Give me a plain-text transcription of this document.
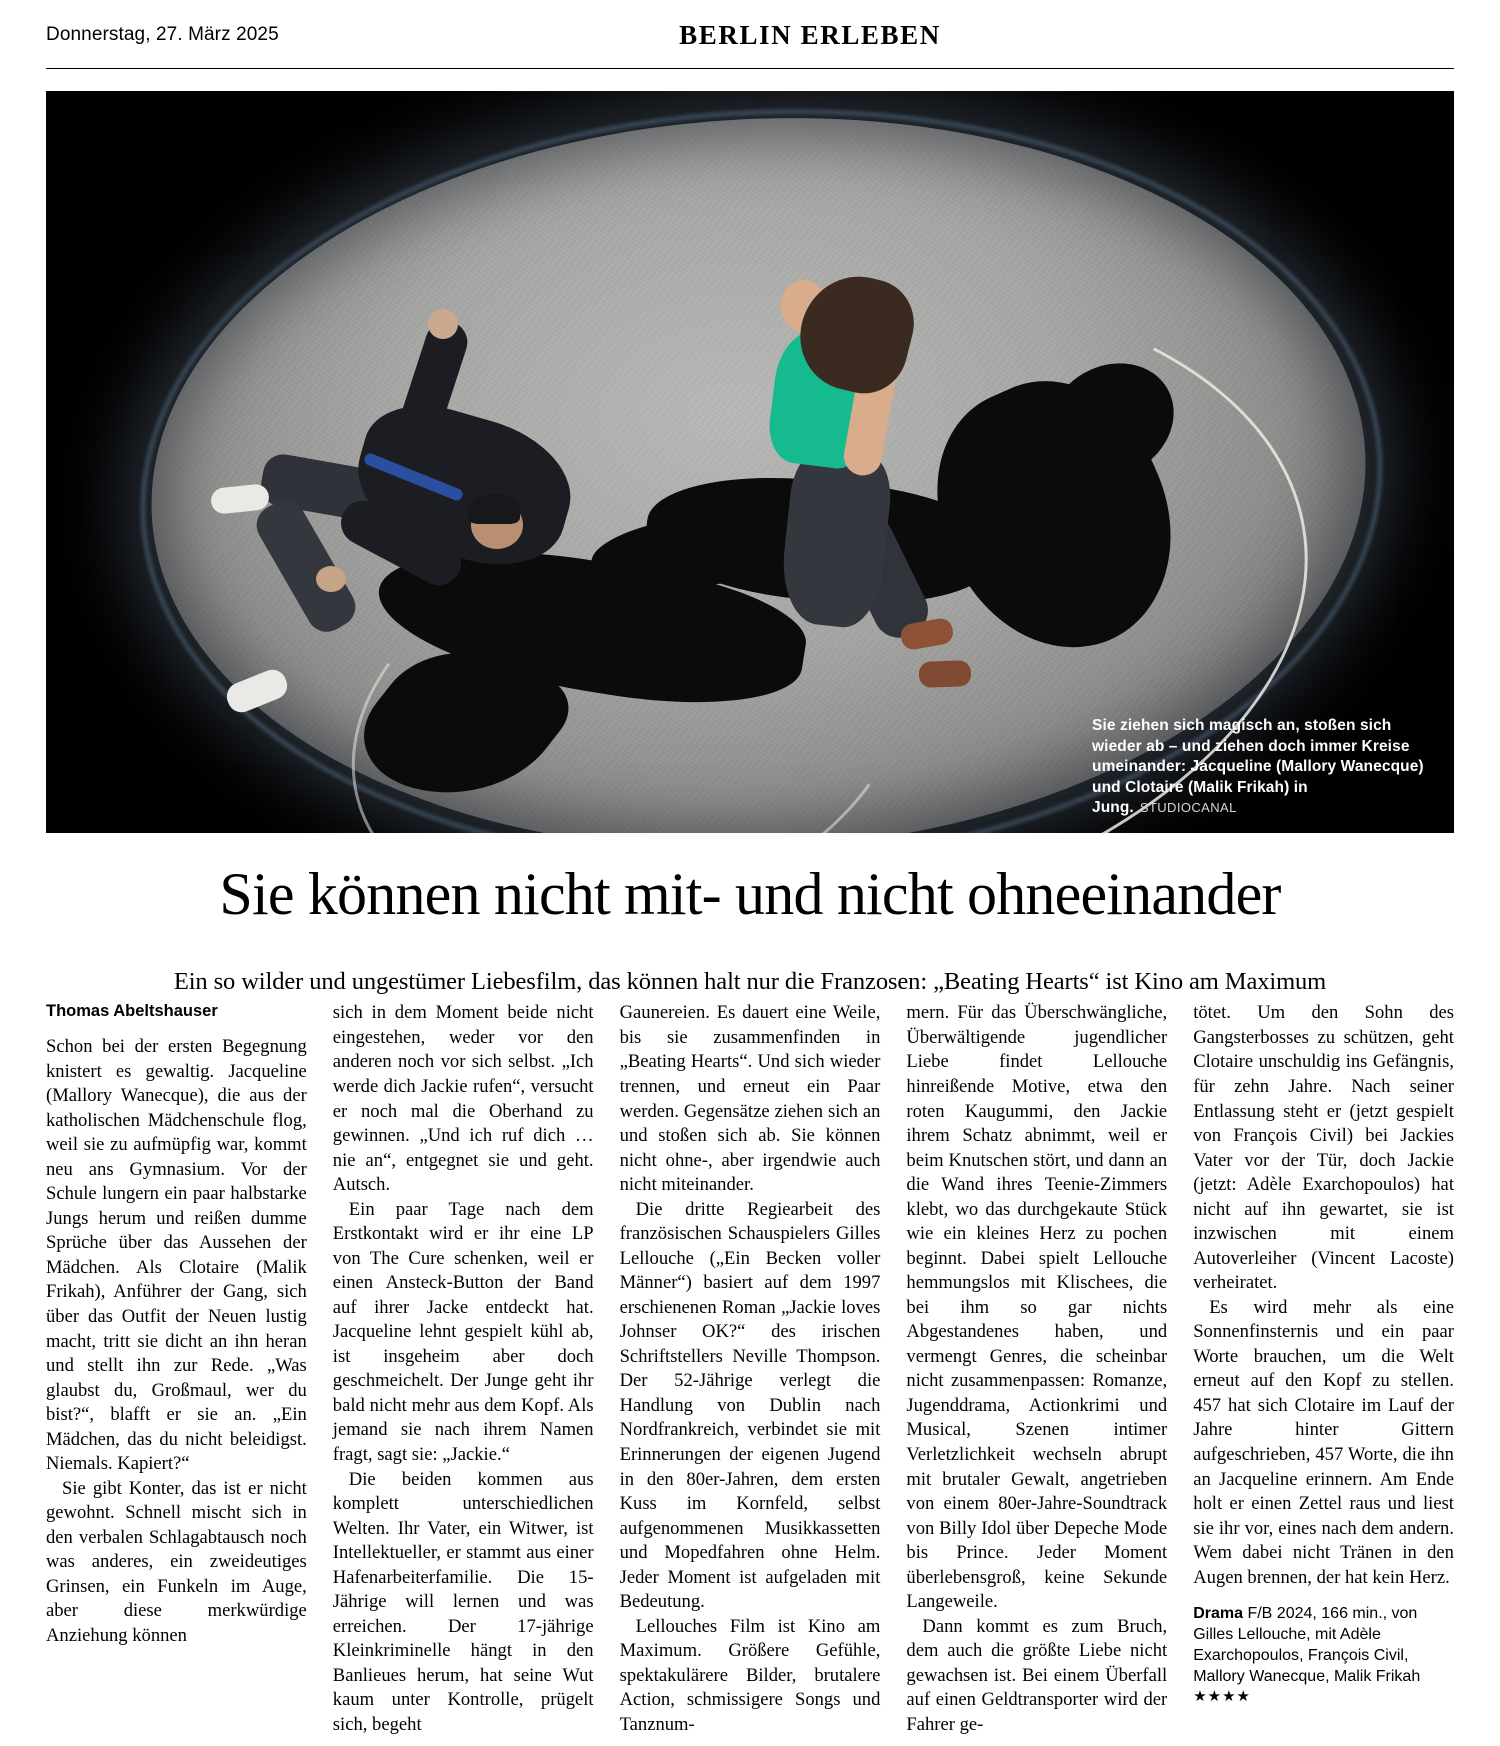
Donnerstag, 27. März 2025	BERLIN ERLEBEN
Sie ziehen sich magisch an, stoßen sich wieder ab – und ziehen doch immer Kreise umeinander: Jacqueline (Mallory Wanecque) und Clotaire (Malik Frikah) in Jung. STUDIOCANAL
Sie können nicht mit- und nicht ohneeinander
Ein so wilder und ungestümer Liebesfilm, das können halt nur die Franzosen: „Beating Hearts“ ist Kino am Maximum
Thomas Abeltshauser

Schon bei der ersten Begegnung knistert es gewaltig. Jacqueline (Mallory Wanecque), die aus der katholischen Mädchenschule flog, weil sie zu aufmüpfig war, kommt neu ans Gymnasium. Vor der Schule lungern ein paar halbstarke Jungs herum und reißen dumme Sprüche über das Aussehen der Mädchen. Als Clotaire (Malik Frikah), Anführer der Gang, sich über das Outfit der Neuen lustig macht, tritt sie dicht an ihn heran und stellt ihn zur Rede. „Was glaubst du, Großmaul, wer du bist?“, blafft er sie an. „Ein Mädchen, das du nicht beleidigst. Niemals. Kapiert?“

Sie gibt Konter, das ist er nicht gewohnt. Schnell mischt sich in den verbalen Schlagabtausch noch was anderes, ein zweideutiges Grinsen, ein Funkeln im Auge, aber diese merkwürdige Anziehung können

sich in dem Moment beide nicht eingestehen, weder vor den anderen noch vor sich selbst. „Ich werde dich Jackie rufen“, versucht er noch mal die Oberhand zu gewinnen. „Und ich ruf dich … nie an“, entgegnet sie und geht. Autsch.

Ein paar Tage nach dem Erstkontakt wird er ihr eine LP von The Cure schenken, weil er einen Ansteck-Button der Band auf ihrer Jacke entdeckt hat. Jacqueline lehnt gespielt kühl ab, ist insgeheim aber doch geschmeichelt. Der Junge geht ihr bald nicht mehr aus dem Kopf. Als jemand sie nach ihrem Namen fragt, sagt sie: „Jackie.“

Die beiden kommen aus komplett unterschiedlichen Welten. Ihr Vater, ein Witwer, ist Intellektueller, er stammt aus einer Hafenarbeiterfamilie. Die 15-Jährige will lernen und was erreichen. Der 17-jährige Kleinkriminelle hängt in den Banlieues herum, hat seine Wut kaum unter Kontrolle, prügelt sich, begeht

Gaunereien. Es dauert eine Weile, bis sie zusammenfinden in „Beating Hearts“. Und sich wieder trennen, und erneut ein Paar werden. Gegensätze ziehen sich an und stoßen sich ab. Sie können nicht ohne-, aber irgendwie auch nicht miteinander.

Die dritte Regiearbeit des französischen Schauspielers Gilles Lellouche („Ein Becken voller Männer“) basiert auf dem 1997 erschienenen Roman „Jackie loves Johnser OK?“ des irischen Schriftstellers Neville Thompson. Der 52-Jährige verlegt die Handlung von Dublin nach Nordfrankreich, verbindet sie mit Erinnerungen der eigenen Jugend in den 80er-Jahren, dem ersten Kuss im Kornfeld, selbst aufgenommenen Musikkassetten und Mopedfahren ohne Helm. Jeder Moment ist aufgeladen mit Bedeutung.

Lellouches Film ist Kino am Maximum. Größere Gefühle, spektakulärere Bilder, brutalere Action, schmissigere Songs und Tanznum-

mern. Für das Überschwängliche, Überwältigende jugendlicher Liebe findet Lellouche hinreißende Motive, etwa den roten Kaugummi, den Jackie ihrem Schatz abnimmt, weil er beim Knutschen stört, und dann an die Wand ihres Teenie-Zimmers klebt, wo das durchgekaute Stück wie ein kleines Herz zu pochen beginnt. Dabei spielt Lellouche hemmungslos mit Klischees, die bei ihm so gar nichts Abgestandenes haben, und vermengt Genres, die scheinbar nicht zusammenpassen: Romanze, Jugenddrama, Actionkrimi und Musical, Szenen intimer Verletzlichkeit wechseln abrupt mit brutaler Gewalt, angetrieben von einem 80er-Jahre-Soundtrack von Billy Idol über Depeche Mode bis Prince. Jeder Moment überlebensgroß, keine Sekunde Langeweile.

Dann kommt es zum Bruch, dem auch die größte Liebe nicht gewachsen ist. Bei einem Überfall auf einen Geldtransporter wird der Fahrer ge-

tötet. Um den Sohn des Gangsterbosses zu schützen, geht Clotaire unschuldig ins Gefängnis, für zehn Jahre. Nach seiner Entlassung steht er (jetzt gespielt von François Civil) bei Jackies Vater vor der Tür, doch Jackie (jetzt: Adèle Exarchopoulos) hat nicht auf ihn gewartet, sie ist inzwischen mit einem Autoverleiher (Vincent Lacoste) verheiratet.

Es wird mehr als eine Sonnenfinsternis und ein paar Worte brauchen, um die Welt erneut auf den Kopf zu stellen. 457 hat sich Clotaire im Lauf der Jahre hinter Gittern aufgeschrieben, 457 Worte, die ihn an Jacqueline erinnern. Am Ende holt er einen Zettel raus und liest sie ihr vor, eines nach dem andern. Wem dabei nicht Tränen in den Augen brennen, der hat kein Herz.

Drama F/B 2024, 166 min., von Gilles Lellouche, mit Adèle Exarchopoulos, François Civil, Mallory Wanecque, Malik Frikah ★★★★
